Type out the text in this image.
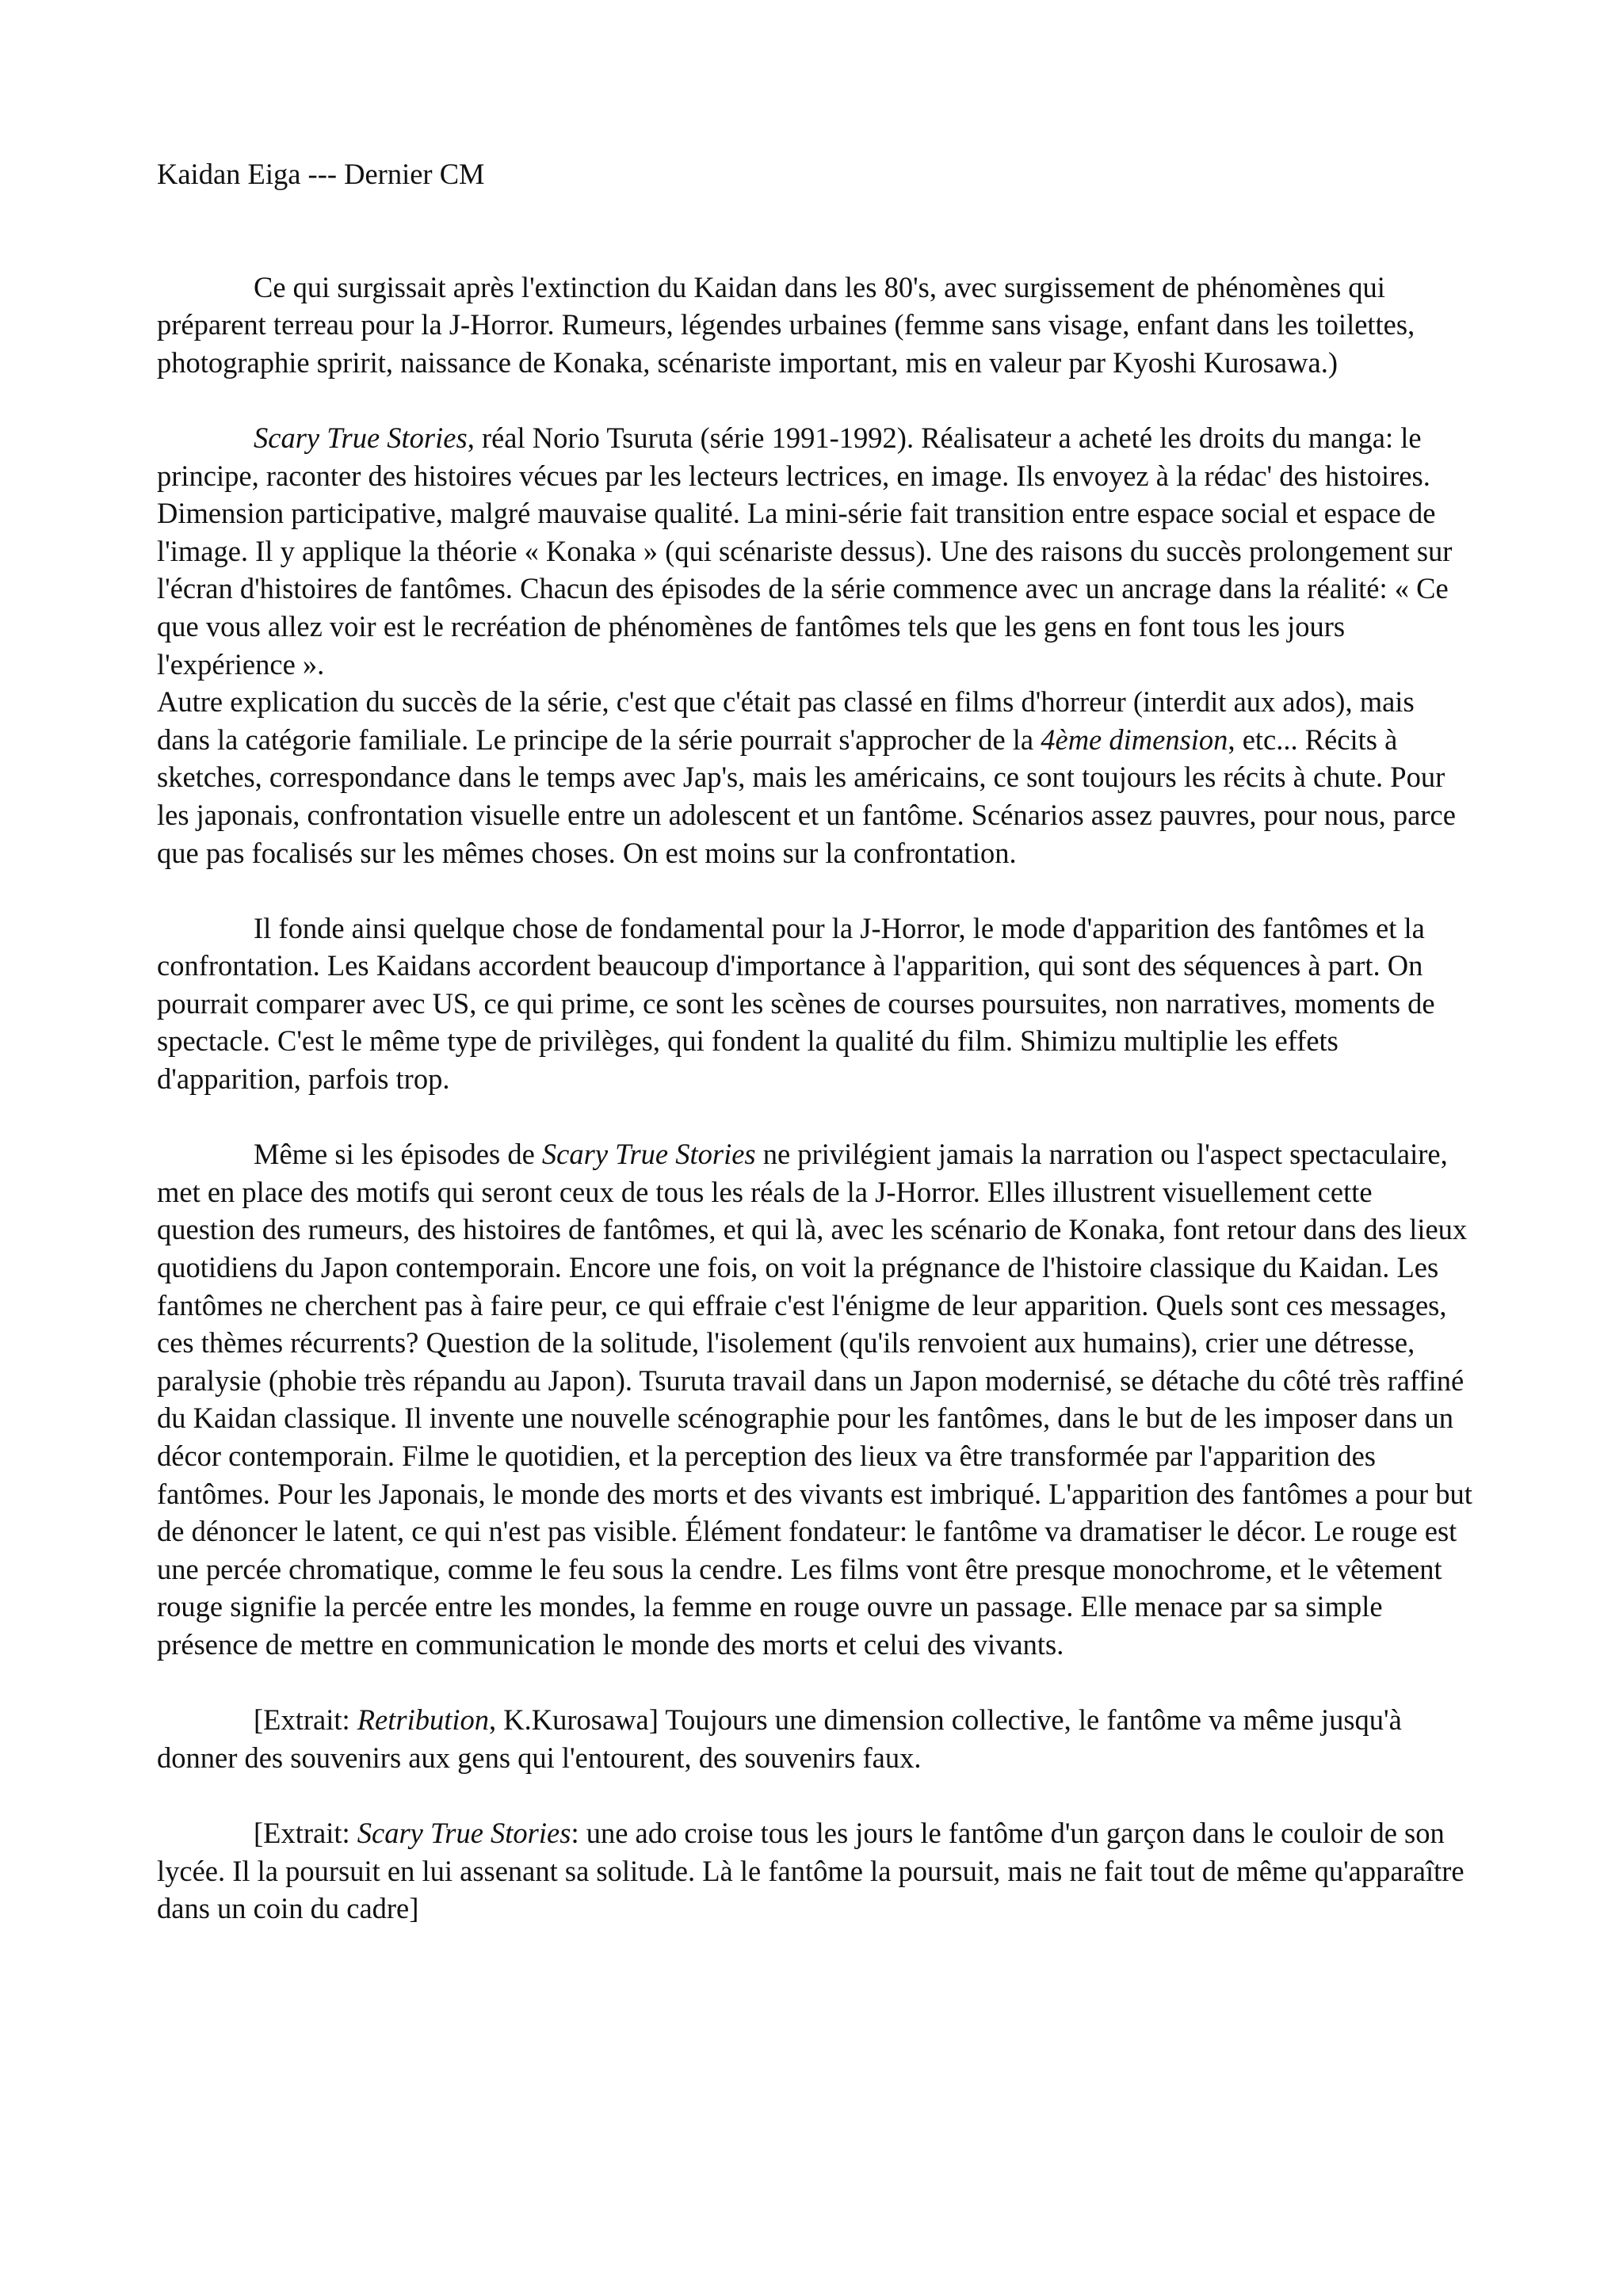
Kaidan Eiga --- Dernier CM

Ce qui surgissait après l'extinction du Kaidan dans les 80's, avec surgissement de phénomènes qui préparent terreau pour la J-Horror. Rumeurs, légendes urbaines (femme sans visage, enfant dans les toilettes, photographie spririt, naissance de Konaka, scénariste important, mis en valeur par Kyoshi Kurosawa.)

Scary True Stories, réal Norio Tsuruta (série 1991-1992). Réalisateur a acheté les droits du manga: le principe, raconter des histoires vécues par les lecteurs lectrices, en image. Ils envoyez à la rédac' des histoires. Dimension participative, malgré mauvaise qualité. La mini-série fait transition entre espace social et espace de l'image. Il y applique la théorie « Konaka » (qui scénariste dessus). Une des raisons du succès prolongement sur l'écran d'histoires de fantômes. Chacun des épisodes de la série commence avec un ancrage dans la réalité: « Ce que vous allez voir est le recréation de phénomènes de fantômes tels que les gens en font tous les jours l'expérience ».

Autre explication du succès de la série, c'est que c'était pas classé en films d'horreur (interdit aux ados), mais dans la catégorie familiale. Le principe de la série pourrait s'approcher de la 4ème dimension, etc... Récits à sketches, correspondance dans le temps avec Jap's, mais les américains, ce sont toujours les récits à chute. Pour les japonais, confrontation visuelle entre un adolescent et un fantôme. Scénarios assez pauvres, pour nous, parce que pas focalisés sur les mêmes choses. On est moins sur la confrontation.

Il fonde ainsi quelque chose de fondamental pour la J-Horror, le mode d'apparition des fantômes et la confrontation. Les Kaidans accordent beaucoup d'importance à l'apparition, qui sont des séquences à part. On pourrait comparer avec US, ce qui prime, ce sont les scènes de courses poursuites, non narratives, moments de spectacle. C'est le même type de privilèges, qui fondent la qualité du film. Shimizu multiplie les effets d'apparition, parfois trop.

Même si les épisodes de Scary True Stories ne privilégient jamais la narration ou l'aspect spectaculaire, met en place des motifs qui seront ceux de tous les réals de la J-Horror. Elles illustrent visuellement cette question des rumeurs, des histoires de fantômes, et qui là, avec les scénario de Konaka, font retour dans des lieux quotidiens du Japon contemporain. Encore une fois, on voit la prégnance de l'histoire classique du Kaidan. Les fantômes ne cherchent pas à faire peur, ce qui effraie c'est l'énigme de leur apparition. Quels sont ces messages, ces thèmes récurrents? Question de la solitude, l'isolement (qu'ils renvoient aux humains), crier une détresse, paralysie (phobie très répandu au Japon). Tsuruta travail dans un Japon modernisé, se détache du côté très raffiné du Kaidan classique. Il invente une nouvelle scénographie pour les fantômes, dans le but de les imposer dans un décor contemporain. Filme le quotidien, et la perception des lieux va être transformée par l'apparition des fantômes. Pour les Japonais, le monde des morts et des vivants est imbriqué. L'apparition des fantômes a pour but de dénoncer le latent, ce qui n'est pas visible. Élément fondateur: le fantôme va dramatiser le décor. Le rouge est une percée chromatique, comme le feu sous la cendre. Les films vont être presque monochrome, et le vêtement rouge signifie la percée entre les mondes, la femme en rouge ouvre un passage. Elle menace par sa simple présence de mettre en communication le monde des morts et celui des vivants.

[Extrait: Retribution, K.Kurosawa] Toujours une dimension collective, le fantôme va même jusqu'à donner des souvenirs aux gens qui l'entourent, des souvenirs faux.

[Extrait: Scary True Stories: une ado croise tous les jours le fantôme d'un garçon dans le couloir de son lycée. Il la poursuit en lui assenant sa solitude. Là le fantôme la poursuit, mais ne fait tout de même qu'apparaître dans un coin du cadre]
